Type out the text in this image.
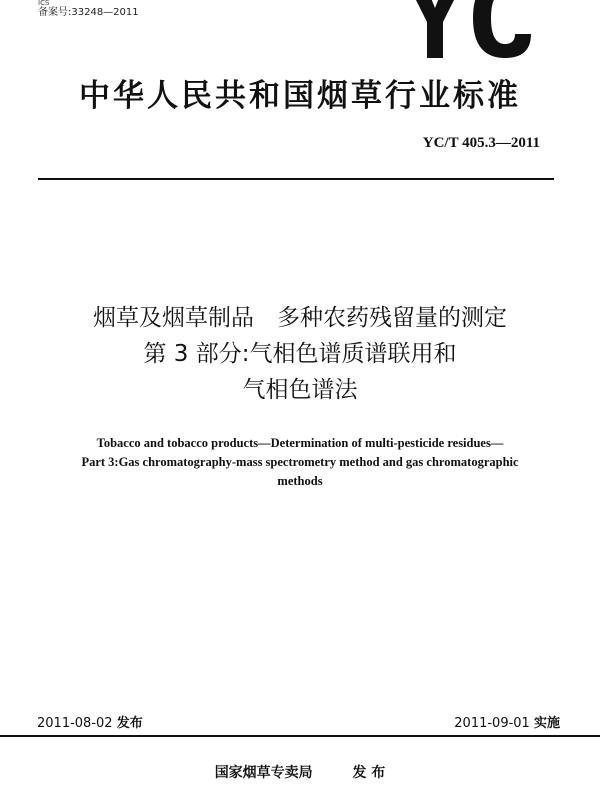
ICS
备案号:33248—2011
中华人民共和国烟草行业标准
YC/T 405.3—2011
烟草及烟草制品　多种农药残留量的测定
第 3 部分:气相色谱质谱联用和
气相色谱法
Tobacco and tobacco products—Determination of multi-pesticide residues—
Part 3:Gas chromatography-mass spectrometry method and gas chromatographic
methods
2011-08-02 发布	2011-09-01 实施
国家烟草专卖局	发 布
